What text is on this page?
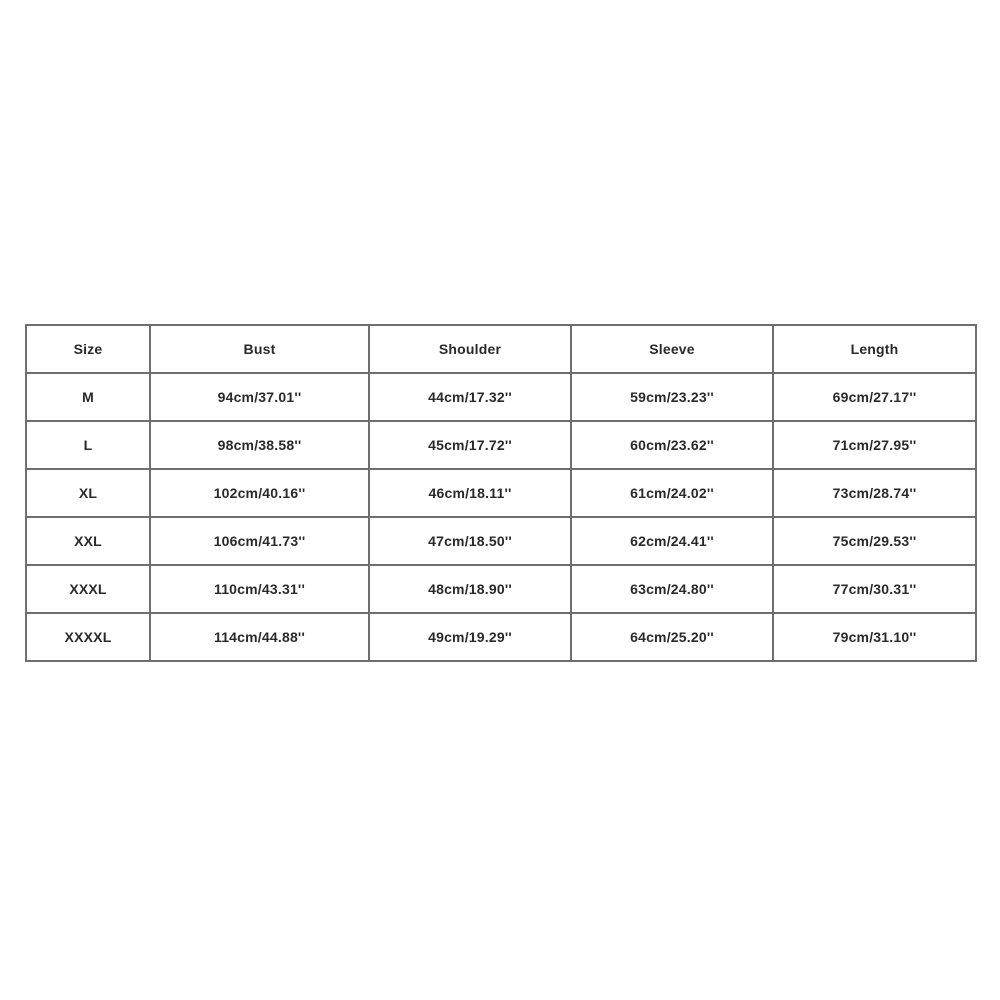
Size	Bust	Shoulder	Sleeve	Length
M	94cm/37.01''	44cm/17.32''	59cm/23.23''	69cm/27.17''
L	98cm/38.58''	45cm/17.72''	60cm/23.62''	71cm/27.95''
XL	102cm/40.16''	46cm/18.11''	61cm/24.02''	73cm/28.74''
XXL	106cm/41.73''	47cm/18.50''	62cm/24.41''	75cm/29.53''
XXXL	110cm/43.31''	48cm/18.90''	63cm/24.80''	77cm/30.31''
XXXXL	114cm/44.88''	49cm/19.29''	64cm/25.20''	79cm/31.10''
